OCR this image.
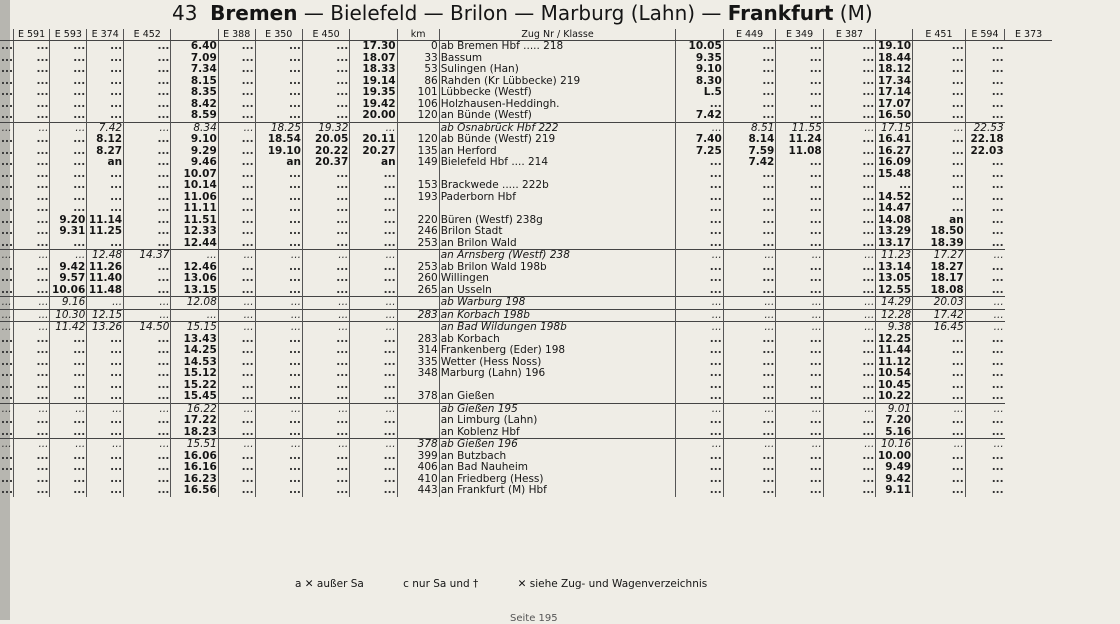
43 Bremen — Bielefeld — Brilon — Marburg (Lahn) — Frankfurt (M)
	E 591	E 593	E 374	E 452		E 388	E 350	E 450		km	Zug Nr / Klasse		E 449	E 349	E 387		E 451	E 594	E 373
...	...	...	...	...	6.40	...	...	...	17.30	0	ab Bremen Hbf ..... 218	10.05	...	...	...	19.10	...	...
...	...	...	...	...	7.09	...	...	...	18.07	33	Bassum	9.35	...	...	...	18.44	...	...
...	...	...	...	...	7.34	...	...	...	18.33	53	Sulingen (Han)	9.10	...	...	...	18.12	...	...
...	...	...	...	...	8.15	...	...	...	19.14	86	Rahden (Kr Lübbecke) 219	8.30	...	...	...	17.34	...	...
...	...	...	...	...	8.35	...	...	...	19.35	101	Lübbecke (Westf)	L.5	...	...	...	17.14	...	...
...	...	...	...	...	8.42	...	...	...	19.42	106	Holzhausen-Heddingh.	...	...	...	...	17.07	...	...
...	...	...	...	...	8.59	...	...	...	20.00	120	an Bünde (Westf)	7.42	...	...	...	16.50	...	...
...	...	...	7.42	...	8.34	...	18.25	19.32	...		ab Osnabrück Hbf 222	...	8.51	11.55	...	17.15	...	22.53
...	...	...	8.12	...	9.10	...	18.54	20.05	20.11	120	ab Bünde (Westf) 219	7.40	8.14	11.24	...	16.41	...	22.18
...	...	...	8.27	...	9.29	...	19.10	20.22	20.27	135	an Herford	7.25	7.59	11.08	...	16.27	...	22.03
...	...	...	an	...	9.46	...	an	20.37	an	149	Bielefeld Hbf .... 214	...	7.42	...	...	16.09	...	...
...	...	...	...	...	10.07	...	...	...	...			...	...	...	...	15.48	...	...
...	...	...	...	...	10.14	...	...	...	...	153	Brackwede ..... 222b	...	...	...	...	...	...	...
...	...	...	...	...	11.06	...	...	...	...	193	Paderborn Hbf	...	...	...	...	14.52	...	...
...	...	...	...	...	11.11	...	...	...	...			...	...	...	...	14.47	...	...
...	...	9.20	11.14	...	11.51	...	...	...	...	220	Büren (Westf) 238g	...	...	...	...	14.08	an	...
...	...	9.31	11.25	...	12.33	...	...	...	...	246	Brilon Stadt	...	...	...	...	13.29	18.50	...
...	...	...	...	...	12.44	...	...	...	...	253	an Brilon Wald	...	...	...	...	13.17	18.39	...
...	...	...	12.48	14.37	...	...	...	...	...		an Arnsberg (Westf) 238	...	...	...	...	11.23	17.27	...
...	...	9.42	11.26	...	12.46	...	...	...	...	253	ab Brilon Wald 198b	...	...	...	...	13.14	18.27	...
...	...	9.57	11.40	...	13.06	...	...	...	...	260	Willingen	...	...	...	...	13.05	18.17	...
...	...	10.06	11.48	...	13.15	...	...	...	...	265	an Usseln	...	...	...	...	12.55	18.08	...
...	...	9.16	...	...	12.08	...	...	...	...		ab Warburg 198	...	...	...	...	14.29	20.03	...
...	...	10.30	12.15	...	...	...	...	...	...	283	an Korbach 198b	...	...	...	...	12.28	17.42	...
...	...	11.42	13.26	14.50	15.15	...	...	...	...		an Bad Wildungen 198b	...	...	...	...	9.38	16.45	...
...	...	...	...	...	13.43	...	...	...	...	283	ab Korbach	...	...	...	...	12.25	...	...
...	...	...	...	...	14.25	...	...	...	...	314	Frankenberg (Eder) 198	...	...	...	...	11.44	...	...
...	...	...	...	...	14.53	...	...	...	...	335	Wetter (Hess Noss)	...	...	...	...	11.12	...	...
...	...	...	...	...	15.12	...	...	...	...	348	Marburg (Lahn) 196	...	...	...	...	10.54	...	...
...	...	...	...	...	15.22	...	...	...	...			...	...	...	...	10.45	...	...
...	...	...	...	...	15.45	...	...	...	...	378	an Gießen	...	...	...	...	10.22	...	...
...	...	...	...	...	16.22	...	...	...	...		ab Gießen 195	...	...	...	...	9.01	...	...
...	...	...	...	...	17.22	...	...	...	...		an Limburg (Lahn)	...	...	...	...	7.20	...	...
...	...	...	...	...	18.23	...	...	...	...		an Koblenz Hbf	...	...	...	...	5.16	...	...
...	...	...	...	...	15.51	...	...	...	...	378	ab Gießen 196	...	...	...	...	10.16	...	...
...	...	...	...	...	16.06	...	...	...	...	399	an Butzbach	...	...	...	...	10.00	...	...
...	...	...	...	...	16.16	...	...	...	...	406	an Bad Nauheim	...	...	...	...	9.49	...	...
...	...	...	...	...	16.23	...	...	...	...	410	an Friedberg (Hess)	...	...	...	...	9.42	...	...
...	...	...	...	...	16.56	...	...	...	...	443	an Frankfurt (M) Hbf	...	...	...	...	9.11	...	...
a ✕ außer Sa	c nur Sa und †	✕ siehe Zug- und Wagenverzeichnis
Seite 195
